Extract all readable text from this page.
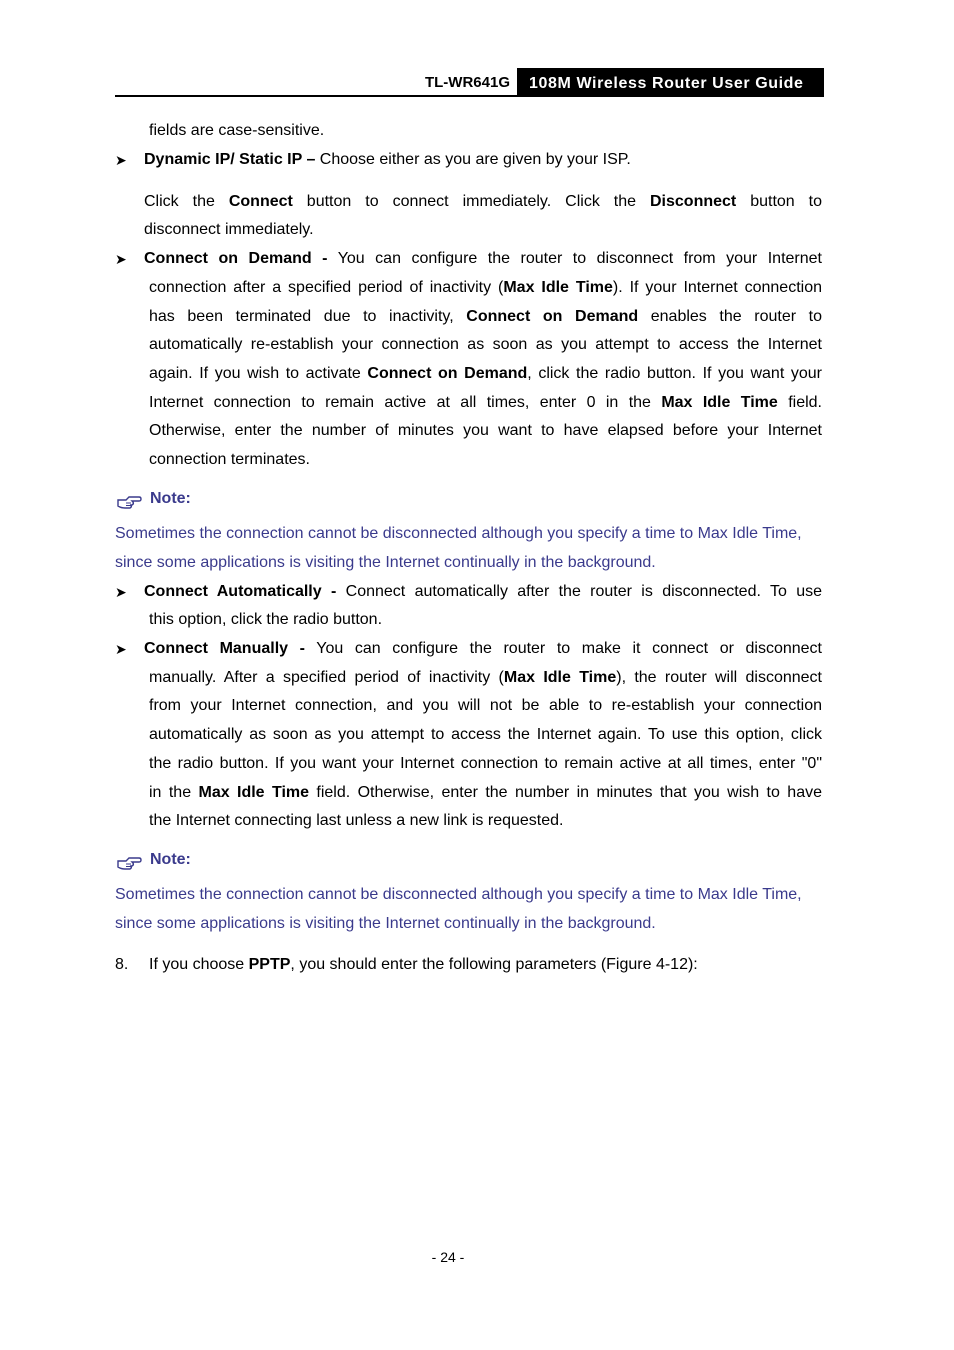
TL-WR641G 108M Wireless Router User Guide
fields are case-sensitive.
➤ Dynamic IP/ Static IP – Choose either as you are given by your ISP.
Click the Connect button to connect immediately. Click the Disconnect button to
disconnect immediately.
➤ Connect on Demand - You can configure the router to disconnect from your Internet
connection after a specified period of inactivity (Max Idle Time). If your Internet connection
has been terminated due to inactivity, Connect on Demand enables the router to
automatically re-establish your connection as soon as you attempt to access the Internet
again. If you wish to activate Connect on Demand, click the radio button. If you want your
Internet connection to remain active at all times, enter 0 in the Max Idle Time field.
Otherwise, enter the number of minutes you want to have elapsed before your Internet
connection terminates.
Note:
Sometimes the connection cannot be disconnected although you specify a time to Max Idle Time,
since some applications is visiting the Internet continually in the background.
➤ Connect Automatically - Connect automatically after the router is disconnected. To use
this option, click the radio button.
➤ Connect Manually - You can configure the router to make it connect or disconnect
manually. After a specified period of inactivity (Max Idle Time), the router will disconnect
from your Internet connection, and you will not be able to re-establish your connection
automatically as soon as you attempt to access the Internet again. To use this option, click
the radio button. If you want your Internet connection to remain active at all times, enter "0"
in the Max Idle Time field. Otherwise, enter the number in minutes that you wish to have
the Internet connecting last unless a new link is requested.
Note:
Sometimes the connection cannot be disconnected although you specify a time to Max Idle Time,
since some applications is visiting the Internet continually in the background.
8. If you choose PPTP, you should enter the following parameters (Figure 4-12):
- 24 -
